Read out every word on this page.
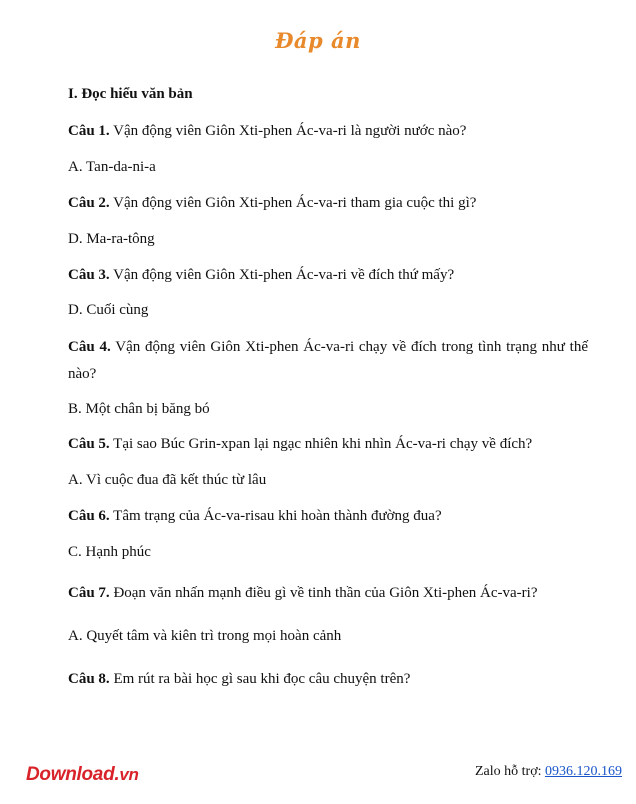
Đáp án
I. Đọc hiểu văn bản
Câu 1. Vận động viên Giôn Xti-phen Ác-va-ri là người nước nào?
A. Tan-da-ni-a
Câu 2. Vận động viên Giôn Xti-phen Ác-va-ri tham gia cuộc thi gì?
D. Ma-ra-tông
Câu 3. Vận động viên Giôn Xti-phen Ác-va-ri về đích thứ mấy?
D. Cuối cùng
Câu 4. Vận động viên Giôn Xti-phen Ác-va-ri chạy về đích trong tình trạng như thế nào?
B. Một chân bị băng bó
Câu 5. Tại sao Búc Grin-xpan lại ngạc nhiên khi nhìn Ác-va-ri chạy về đích?
A. Vì cuộc đua đã kết thúc từ lâu
Câu 6. Tâm trạng của Ác-va-risau khi hoàn thành đường đua?
C. Hạnh phúc
Câu 7. Đoạn văn nhấn mạnh điều gì về tinh thần của Giôn Xti-phen Ác-va-ri?
A. Quyết tâm và kiên trì trong mọi hoàn cảnh
Câu 8. Em rút ra bài học gì sau khi đọc câu chuyện trên?
Download.vn	Zalo hỗ trợ: 0936.120.169
